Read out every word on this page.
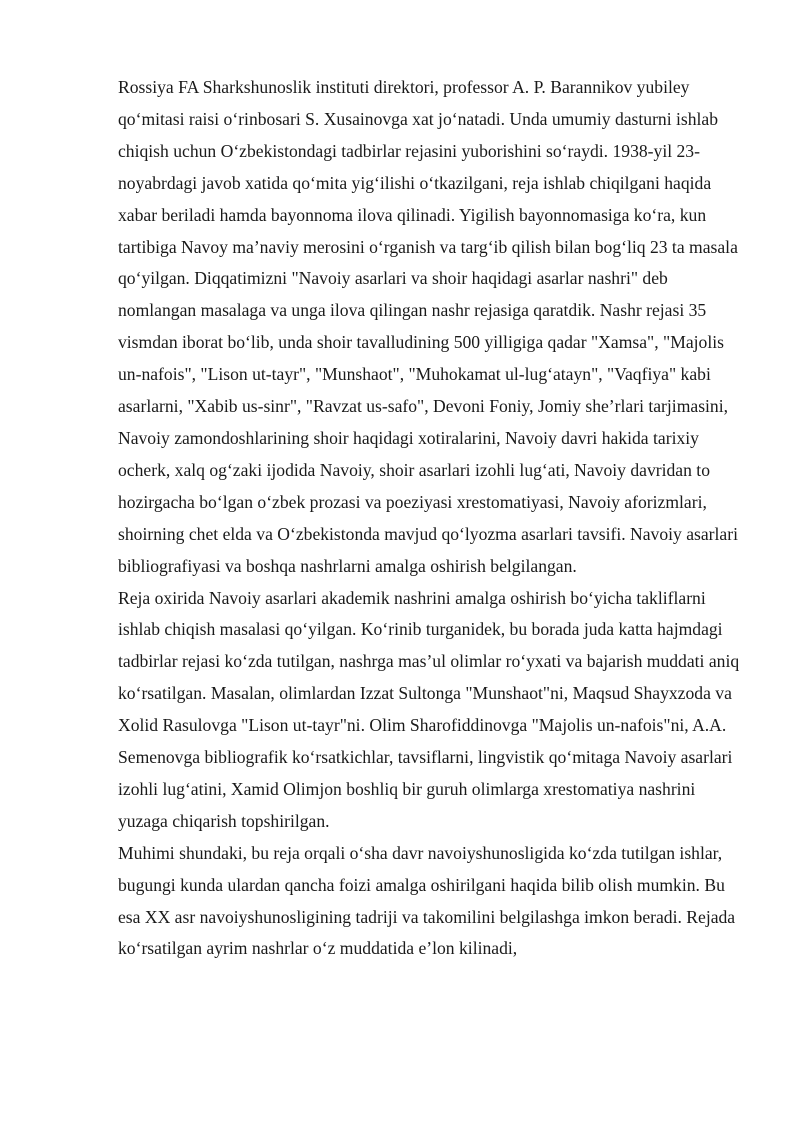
Rossiya FA Sharkshunoslik instituti direktori, professor A. P. Barannikov yubiley qo‘mitasi raisi o‘rinbosari S. Xusainovga xat jo‘natadi. Unda umumiy dasturni ishlab chiqish uchun O‘zbekistondagi tadbirlar rejasini yuborishini so‘raydi. 1938-yil 23-noyabrdagi javob xatida qo‘mita yig‘ilishi o‘tkazilgani, reja ishlab chiqilgani haqida xabar beriladi hamda bayonnoma ilova qilinadi. Yigilish bayonnomasiga ko‘ra, kun tartibiga Navoy ma’naviy merosini o‘rganish va targ‘ib qilish bilan bog‘liq 23 ta masala qo‘yilgan. Diqqatimizni "Navoiy asarlari va shoir haqidagi asarlar nashri" deb nomlangan masalaga va unga ilova qilingan nashr rejasiga qaratdik. Nashr rejasi 35 vismdan iborat bo‘lib, unda shoir tavalludining 500 yilligiga qadar "Xamsa", "Majolis un-nafois", "Lison ut-tayr", "Munshaot", "Muhokamat ul-lug‘atayn", "Vaqfiya" kabi asarlarni, "Xabib us-sinr", "Ravzat us-safo", Devoni Foniy, Jomiy she’rlari tarjimasini, Navoiy zamondoshlarining shoir haqidagi xotiralarini, Navoiy davri hakida tarixiy ocherk, xalq og‘zaki ijodida Navoiy, shoir asarlari izohli lug‘ati, Navoiy davridan to hozirgacha bo‘lgan o‘zbek prozasi va poeziyasi xrestomatiyasi, Navoiy aforizmlari, shoirning chet elda va O‘zbekistonda mavjud qo‘lyozma asarlari tavsifi. Navoiy asarlari bibliografiyasi va boshqa nashrlarni amalga oshirish belgilangan.

Reja oxirida Navoiy asarlari akademik nashrini amalga oshirish bo‘yicha takliflarni ishlab chiqish masalasi qo‘yilgan. Ko‘rinib turganidek, bu borada juda katta hajmdagi tadbirlar rejasi ko‘zda tutilgan, nashrga mas’ul olimlar ro‘yxati va bajarish muddati aniq ko‘rsatilgan. Masalan, olimlardan Izzat Sultonga "Munshaot"ni, Maqsud Shayxzoda va Xolid Rasulovga "Lison ut-tayr"ni. Olim Sharofiddinovga "Majolis un-nafois"ni, A.A. Semenovga bibliografik ko‘rsatkichlar, tavsiflarni, lingvistik qo‘mitaga Navoiy asarlari izohli lug‘atini, Xamid Olimjon boshliq bir guruh olimlarga xrestomatiya nashrini yuzaga chiqarish topshirilgan.

Muhimi shundaki, bu reja orqali o‘sha davr navoiyshunosligida ko‘zda tutilgan ishlar, bugungi kunda ulardan qancha foizi amalga oshirilgani haqida bilib olish mumkin. Bu esa XX asr navoiyshunosligining tadriji va takomilini belgilashga imkon beradi. Rejada ko‘rsatilgan ayrim nashrlar o‘z muddatida e’lon kilinadi,
